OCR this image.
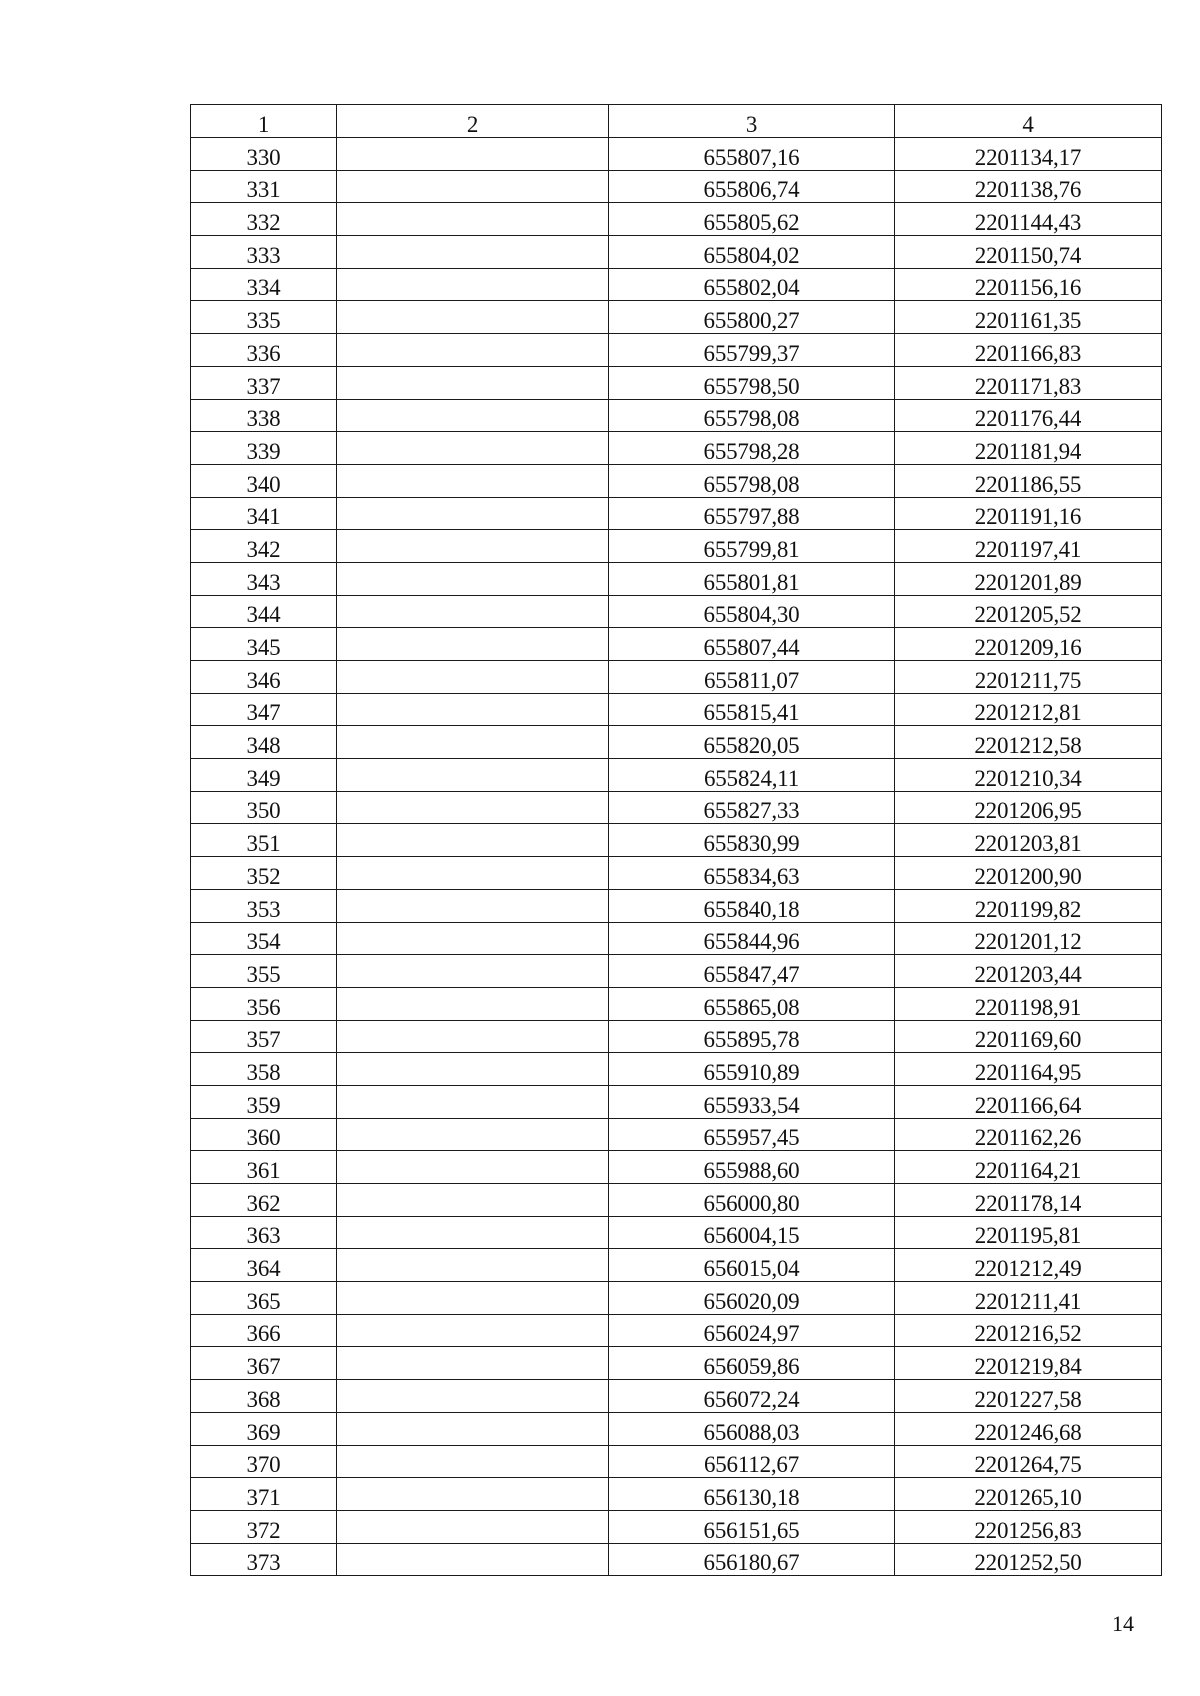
1	2	3	4
330		655807,16	2201134,17
331		655806,74	2201138,76
332		655805,62	2201144,43
333		655804,02	2201150,74
334		655802,04	2201156,16
335		655800,27	2201161,35
336		655799,37	2201166,83
337		655798,50	2201171,83
338		655798,08	2201176,44
339		655798,28	2201181,94
340		655798,08	2201186,55
341		655797,88	2201191,16
342		655799,81	2201197,41
343		655801,81	2201201,89
344		655804,30	2201205,52
345		655807,44	2201209,16
346		655811,07	2201211,75
347		655815,41	2201212,81
348		655820,05	2201212,58
349		655824,11	2201210,34
350		655827,33	2201206,95
351		655830,99	2201203,81
352		655834,63	2201200,90
353		655840,18	2201199,82
354		655844,96	2201201,12
355		655847,47	2201203,44
356		655865,08	2201198,91
357		655895,78	2201169,60
358		655910,89	2201164,95
359		655933,54	2201166,64
360		655957,45	2201162,26
361		655988,60	2201164,21
362		656000,80	2201178,14
363		656004,15	2201195,81
364		656015,04	2201212,49
365		656020,09	2201211,41
366		656024,97	2201216,52
367		656059,86	2201219,84
368		656072,24	2201227,58
369		656088,03	2201246,68
370		656112,67	2201264,75
371		656130,18	2201265,10
372		656151,65	2201256,83
373		656180,67	2201252,50
14
